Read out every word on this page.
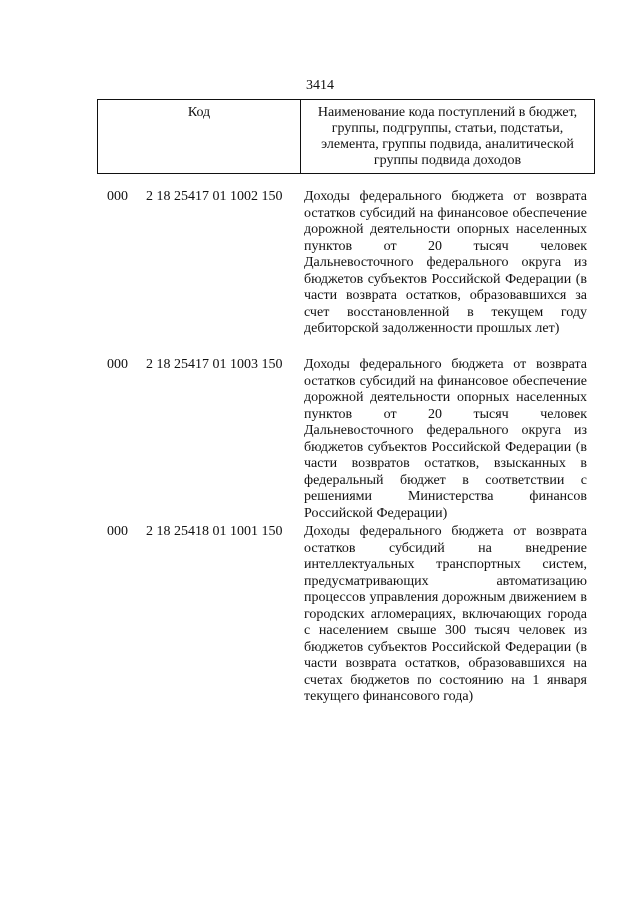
3414
Код	Наименование кода поступлений в бюджет, группы, подгруппы, статьи, подстатьи, элемента, группы подвида, аналитической группы подвида доходов
000 2 18 25417 01 1002 150 Доходы федерального бюджета от возврата остатков субсидий на финансовое обеспечение дорожной деятельности опорных населенных пунктов от 20 тысяч человек Дальневосточного федерального округа из бюджетов субъектов Российской Федерации (в части возврата остатков, образовавшихся за счет восстановленной в текущем году дебиторской задолженности прошлых лет)
000 2 18 25417 01 1003 150 Доходы федерального бюджета от возврата остатков субсидий на финансовое обеспечение дорожной деятельности опорных населенных пунктов от 20 тысяч человек Дальневосточного федерального округа из бюджетов субъектов Российской Федерации (в части возвратов остатков, взысканных в федеральный бюджет в соответствии с решениями Министерства финансов Российской Федерации)
000 2 18 25418 01 1001 150 Доходы федерального бюджета от возврата остатков субсидий на внедрение интеллектуальных транспортных систем, предусматривающих автоматизацию процессов управления дорожным движением в городских агломерациях, включающих города с населением свыше 300 тысяч человек из бюджетов субъектов Российской Федерации (в части возврата остатков, образовавшихся на счетах бюджетов по состоянию на 1 января текущего финансового года)
